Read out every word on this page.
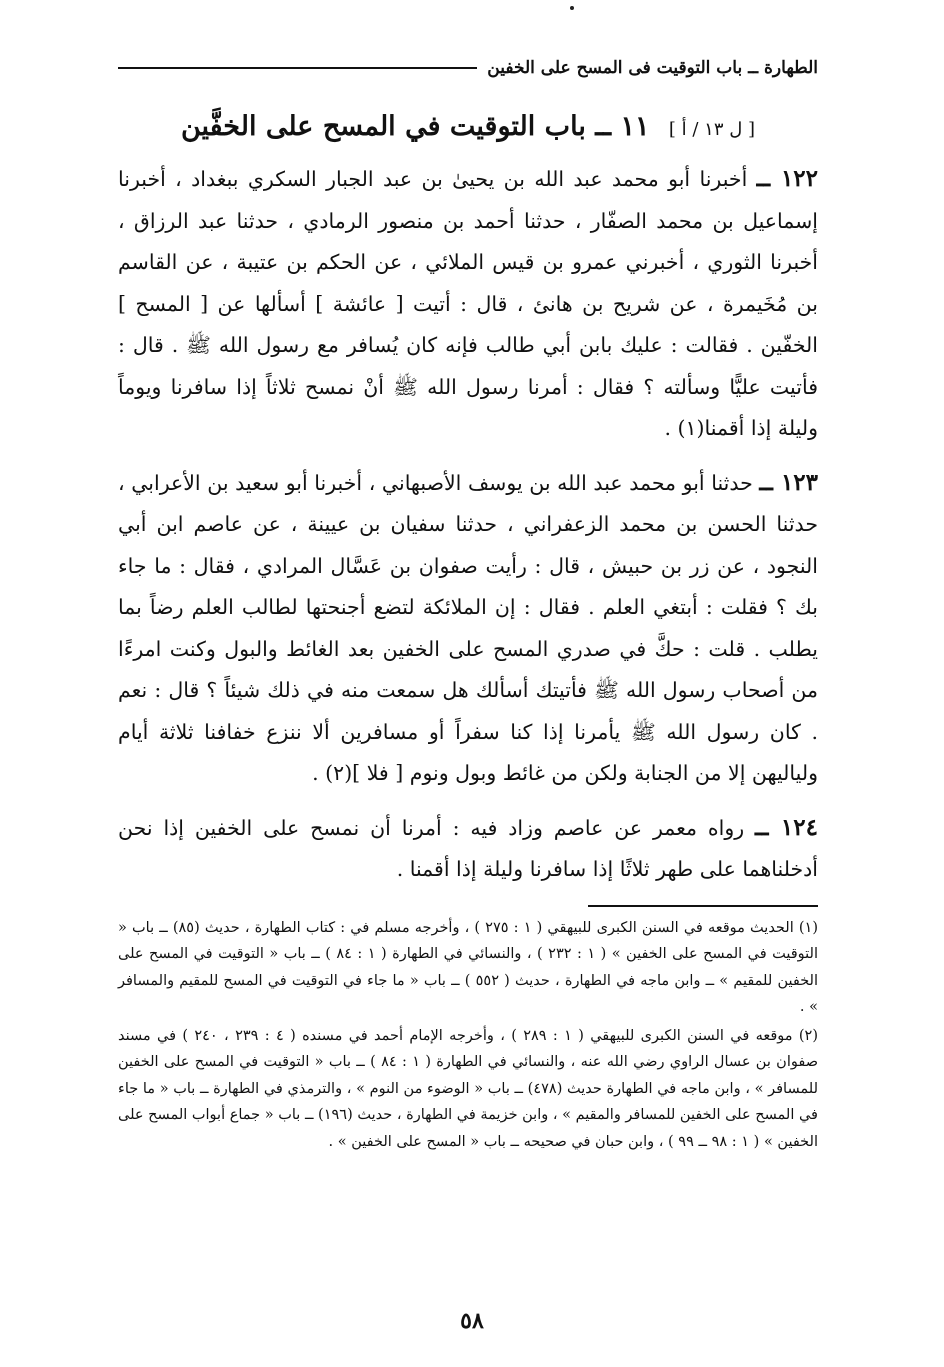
الطهارة ــ باب التوقيت فى المسح على الخفين
[ ل ١٣ / أ ] ١١ ــ باب التوقيت في المسح على الخفَّين

١٢٢ ــ أخبرنا أبو محمد عبد الله بن يحيىٰ بن عبد الجبار السكري ببغداد ، أخبرنا إسماعيل بن محمد الصفّار ، حدثنا أحمد بن منصور الرمادي ، حدثنا عبد الرزاق ، أخبرنا الثوري ، أخبرني عمرو بن قيس الملائي ، عن الحكم بن عتيبة ، عن القاسم بن مُخَيمرة ، عن شريح بن هانئ ، قال : أتيت [ عائشة ] أسألها عن [ المسح ] الخفّين . فقالت : عليك بابن أبي طالب فإنه كان يُسافر مع رسول الله ﷺ . قال : فأتيت عليًّا وسألته ؟ فقال : أمرنا رسول الله ﷺ أنْ نمسح ثلاثاً إذا سافرنا ويوماً وليلة إذا أقمنا(١) .

١٢٣ ــ حدثنا أبو محمد عبد الله بن يوسف الأصبهاني ، أخبرنا أبو سعيد بن الأعرابي ، حدثنا الحسن بن محمد الزعفراني ، حدثنا سفيان بن عيينة ، عن عاصم ابن أبي النجود ، عن زر بن حبيش ، قال : رأيت صفوان بن عَسَّال المرادي ، فقال : ما جاء بك ؟ فقلت : أبتغي العلم . فقال : إن الملائكة لتضع أجنحتها لطالب العلم رضاً بما يطلب . قلت : حكَّ في صدري المسح على الخفين بعد الغائط والبول وكنت امرءًا من أصحاب رسول الله ﷺ فأتيتك أسألك هل سمعت منه في ذلك شيئاً ؟ قال : نعم . كان رسول الله ﷺ يأمرنا إذا كنا سفراً أو مسافرين ألا ننزع خفافنا ثلاثة أيام ولياليهن إلا من الجنابة ولكن من غائط وبول ونوم [ فلا ](٢) .

١٢٤ ــ رواه معمر عن عاصم وزاد فيه : أمرنا أن نمسح على الخفين إذا نحن أدخلناهما على طهر ثلاثًا إذا سافرنا وليلة إذا أقمنا .

(١) الحديث موقعه في السنن الكبرى للبيهقي ( ١ : ٢٧٥ ) ، وأخرجه مسلم في : كتاب الطهارة ، حديث (٨٥) ــ باب « التوقيت في المسح على الخفين » ( ١ : ٢٣٢ ) ، والنسائي في الطهارة ( ١ : ٨٤ ) ــ باب « التوقيت في المسح على الخفين للمقيم » ــ وابن ماجه في الطهارة ، حديث ( ٥٥٢ ) ــ باب « ما جاء في التوقيت في المسح للمقيم والمسافر » .

(٢) موقعه في السنن الكبرى للبيهقي ( ١ : ٢٨٩ ) ، وأخرجه الإمام أحمد في مسنده ( ٤ : ٢٣٩ ، ٢٤٠ ) في مسند صفوان بن عسال الراوي رضي الله عنه ، والنسائي في الطهارة ( ١ : ٨٤ ) ــ باب « التوقيت في المسح على الخفين للمسافر » ، وابن ماجه في الطهارة حديث (٤٧٨) ــ باب « الوضوء من النوم » ، والترمذي في الطهارة ــ باب « ما جاء في المسح على الخفين للمسافر والمقيم » ، وابن خزيمة في الطهارة ، حديث (١٩٦) ــ باب « جماع أبواب المسح على الخفين » ( ١ : ٩٨ ــ ٩٩ ) ، وابن حبان في صحيحه ــ باب « المسح على الخفين » .

٥٨
